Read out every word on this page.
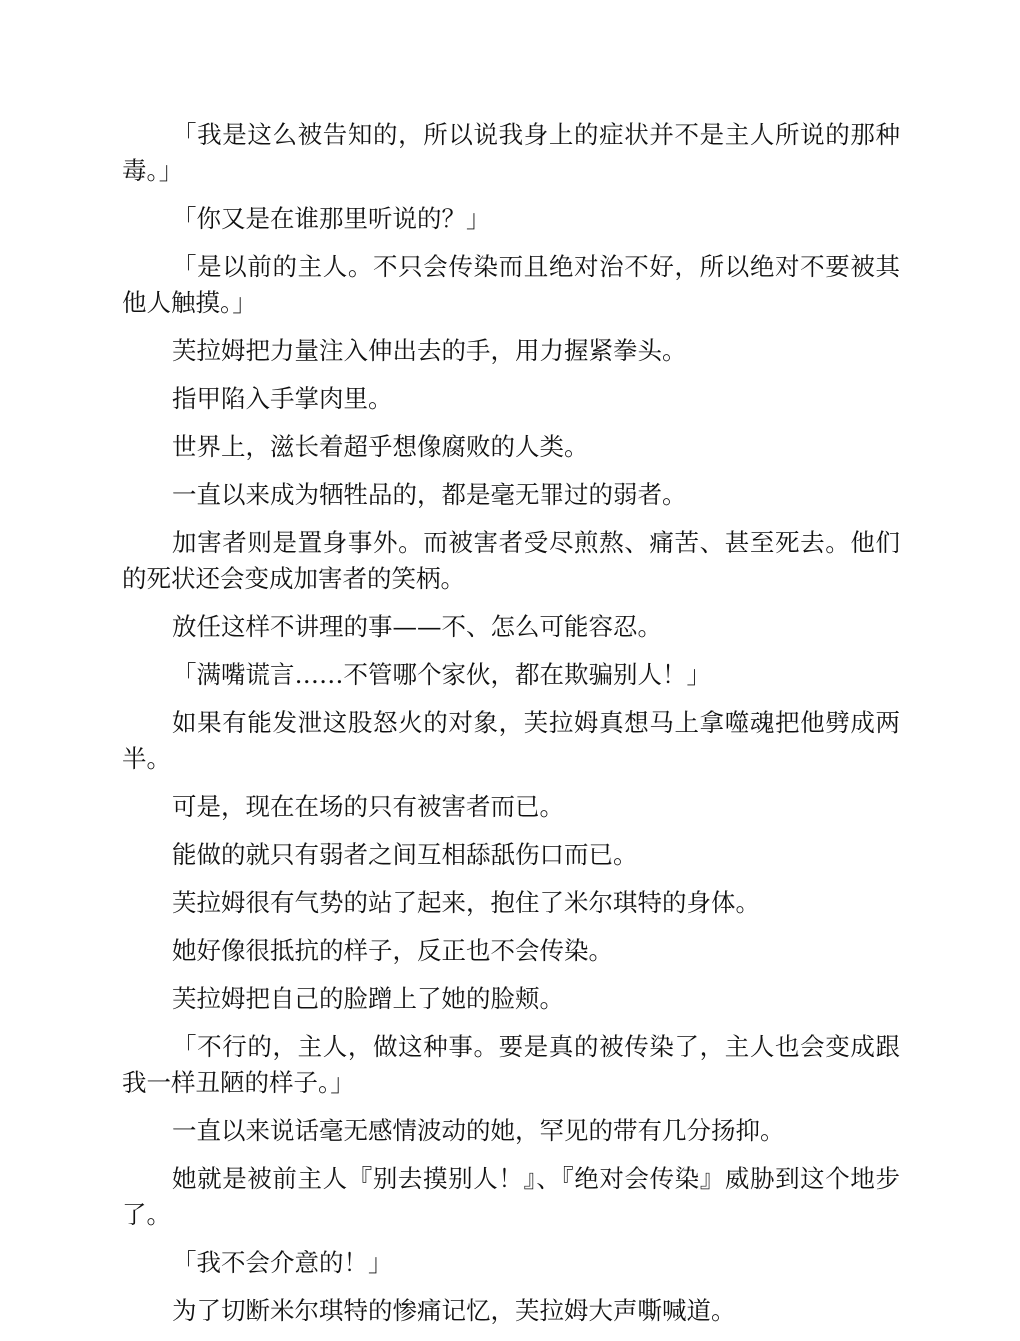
「我是这么被告知的，所以说我身上的症状并不是主人所说的那种毒。」

「你又是在谁那里听说的？」

「是以前的主人。不只会传染而且绝对治不好，所以绝对不要被其他人触摸。」

芙拉姆把力量注入伸出去的手，用力握紧拳头。

指甲陷入手掌肉里。

世界上，滋长着超乎想像腐败的人类。

一直以来成为牺牲品的，都是毫无罪过的弱者。

加害者则是置身事外。而被害者受尽煎熬、痛苦、甚至死去。他们的死状还会变成加害者的笑柄。

放任这样不讲理的事——不、怎么可能容忍。

「满嘴谎言……不管哪个家伙，都在欺骗别人！」

如果有能发泄这股怒火的对象，芙拉姆真想马上拿噬魂把他劈成两半。

可是，现在在场的只有被害者而已。

能做的就只有弱者之间互相舔舐伤口而已。

芙拉姆很有气势的站了起来，抱住了米尔琪特的身体。

她好像很抵抗的样子，反正也不会传染。

芙拉姆把自己的脸蹭上了她的脸颊。

「不行的，主人，做这种事。要是真的被传染了，主人也会变成跟我一样丑陋的样子。」

一直以来说话毫无感情波动的她，罕见的带有几分扬抑。

她就是被前主人『别去摸别人！』、『绝对会传染』威胁到这个地步了。

「我不会介意的！」

为了切断米尔琪特的惨痛记忆，芙拉姆大声嘶喊道。
